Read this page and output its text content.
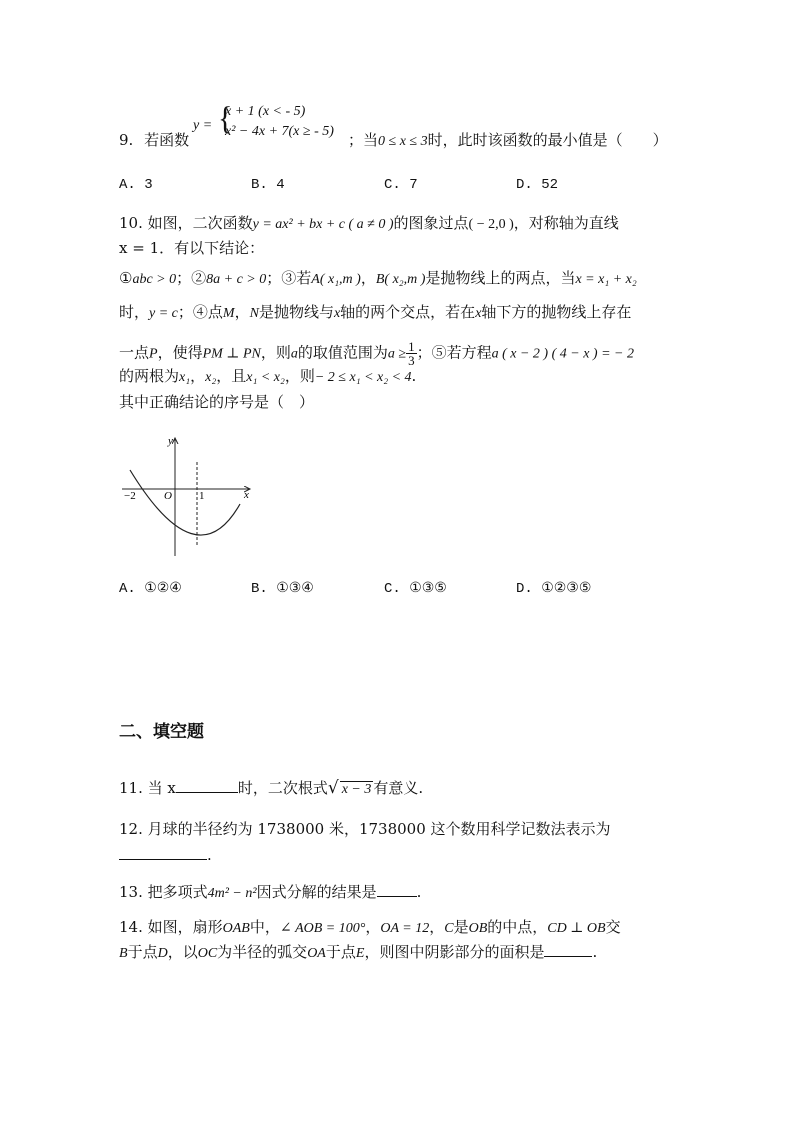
9. 若函数
y = {
x + 1 (x < - 5)
x² − 4x + 7(x ≥ - 5) ；当0 ≤ x ≤ 3时，此时该函数的最小值是（　　）
A. 3	B. 4	C. 7	D. 52
10. 如图，二次函数y = ax² + bx + c ( a ≠ 0 )的图象过点( − 2,0 )，对称轴为直线
x = 1．有以下结论：
①abc > 0；②8a + c > 0；③若A( x₁,m )，B( x₂,m )是抛物线上的两点，当x = x₁ + x₂
时，y = c；④点M，N是抛物线与x轴的两个交点，若在x轴下方的抛物线上存在
一点P，使得PM ⊥ PN，则a的取值范围为$a \ge \frac{1}{3}$ ；⑤若方程a ( x − 2 ) ( 4 − x ) = − 2
的两根为x₁，x₂，且x₁ < x₂，则− 2 ≤ x₁ < x₂ < 4.
其中正确结论的序号是（　）
y
x
O
−2	1
A. ①②④	B. ①③④	C. ①③⑤	D. ①②③⑤
二、填空题
11. 当 x	时，二次根式√ x − 3 有意义.
12. 月球的半径约为 1738000 米，1738000 这个数用科学记数法表示为
.
13. 把多项式4m² − n²因式分解的结果是	.
14. 如图，扇形OAB中，∠ AOB = 100°，OA = 12，C是OB的中点，CD ⊥ OB交
B于点D，以OC为半径的弧交OA于点E，则图中阴影部分的面积是	.
